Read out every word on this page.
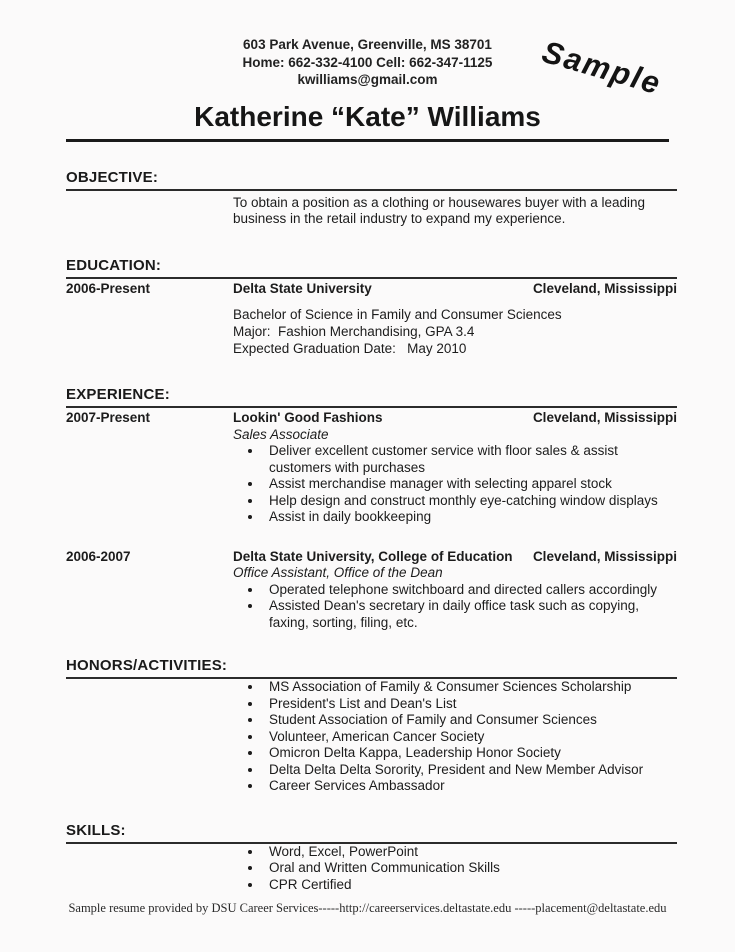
Sample
603 Park Avenue, Greenville, MS 38701
Home: 662-332-4100 Cell: 662-347-1125
kwilliams@gmail.com
Katherine “Kate” Williams
OBJECTIVE:

To obtain a position as a clothing or housewares buyer with a leading business in the retail industry to expand my experience.

EDUCATION:
2006-Present	Delta State University	Cleveland, Mississippi
Bachelor of Science in Family and Consumer Sciences
Major:  Fashion Merchandising, GPA 3.4
Expected Graduation Date:   May 2010
EXPERIENCE:
2007-Present	Lookin' Good Fashions	Cleveland, Mississippi
Sales Associate
• Deliver excellent customer service with floor sales & assist customers with purchases
• Assist merchandise manager with selecting apparel stock
• Help design and construct monthly eye-catching window displays
• Assist in daily bookkeeping
2006-2007	Delta State University, College of Education	Cleveland, Mississippi
Office Assistant, Office of the Dean
• Operated telephone switchboard and directed callers accordingly
• Assisted Dean's secretary in daily office task such as copying, faxing, sorting, filing, etc.
HONORS/ACTIVITIES:
• MS Association of Family & Consumer Sciences Scholarship
• President's List and Dean's List
• Student Association of Family and Consumer Sciences
• Volunteer, American Cancer Society
• Omicron Delta Kappa, Leadership Honor Society
• Delta Delta Delta Sorority, President and New Member Advisor
• Career Services Ambassador
SKILLS:
• Word, Excel, PowerPoint
• Oral and Written Communication Skills
• CPR Certified
Sample resume provided by DSU Career Services-----http://careerservices.deltastate.edu -----placement@deltastate.edu
